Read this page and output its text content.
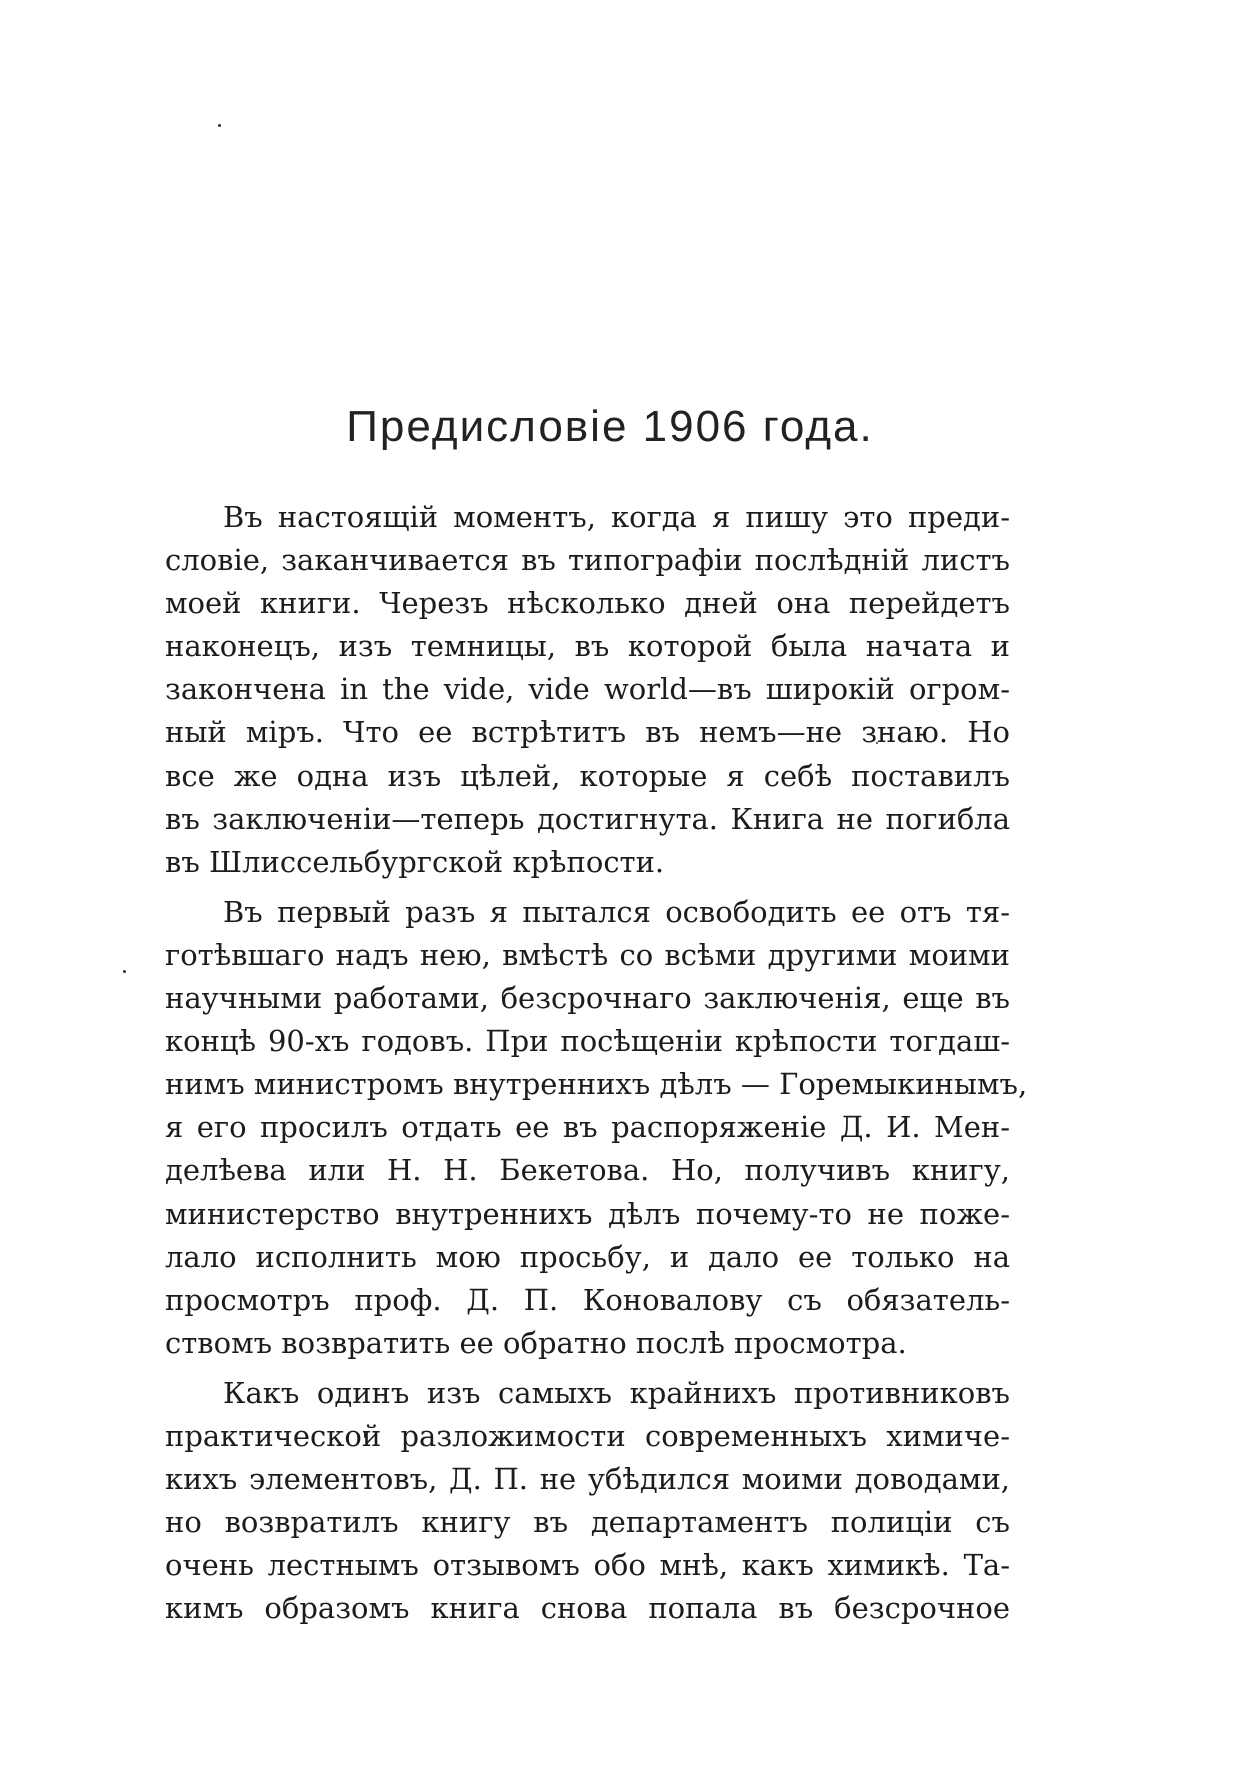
Предисловіе 1906 года.
Въ настоящій моментъ, когда я пишу это преди-
словіе, заканчивается въ типографіи послѣдній листъ
моей книги. Черезъ нѣсколько дней она перейдетъ
наконецъ, изъ темницы, въ которой была начата и
закончена in the vide, vide world—въ широкій огром-
ный міръ. Что ее встрѣтитъ въ немъ—не знаю. Но
все же одна изъ цѣлей, которые я себѣ поставилъ
въ заключеніи—теперь достигнута. Книга не погибла
въ Шлиссельбургской крѣпости.
Въ первый разъ я пытался освободить ее отъ тя-
готѣвшаго надъ нею, вмѣстѣ со всѣми другими моими
научными работами, безсрочнаго заключенія, еще въ
концѣ 90-хъ годовъ. При посѣщеніи крѣпости тогдаш-
нимъ министромъ внутреннихъ дѣлъ — Горемыкинымъ,
я его просилъ отдать ее въ распоряженіе Д. И. Мен-
делѣева или Н. Н. Бекетова. Но, получивъ книгу,
министерство внутреннихъ дѣлъ почему-то не поже-
лало исполнить мою просьбу, и дало ее только на
просмотръ проф. Д. П. Коновалову съ обязатель-
ствомъ возвратить ее обратно послѣ просмотра.
Какъ одинъ изъ самыхъ крайнихъ противниковъ
практической разложимости современныхъ химиче-
кихъ элементовъ, Д. П. не убѣдился моими доводами,
но возвратилъ книгу въ департаментъ полиціи съ
очень лестнымъ отзывомъ обо мнѣ, какъ химикѣ. Та-
кимъ образомъ книга снова попала въ безсрочное
